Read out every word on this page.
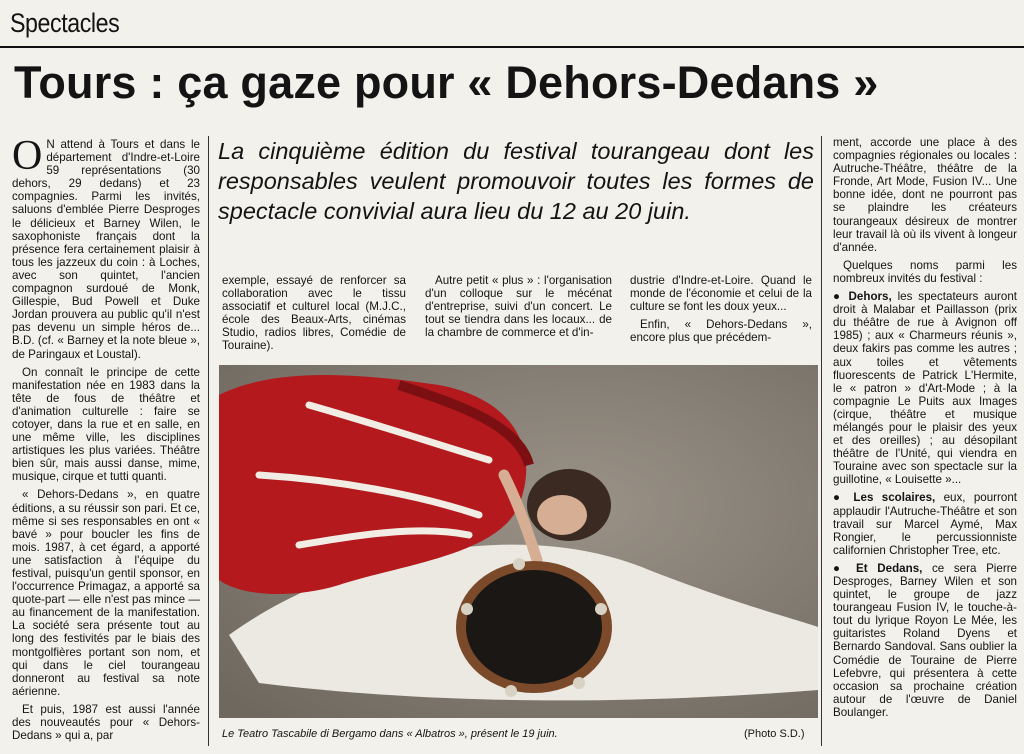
Spectacles
Tours : ça gaze pour « Dehors-Dedans »

O N attend à Tours et dans le département d'Indre-et-Loire 59 représentations (30 dehors, 29 dedans) et 23 compagnies. Parmi les invités, saluons d'emblée Pierre Desproges le délicieux et Barney Wilen, le saxophoniste français dont la présence fera certainement plaisir à tous les jazzeux du coin : à Loches, avec son quintet, l'ancien compagnon surdoué de Monk, Gillespie, Bud Powell et Duke Jordan prouvera au public qu'il n'est pas devenu un simple héros de... B.D. (cf. « Barney et la note bleue », de Paringaux et Loustal).

On connaît le principe de cette manifestation née en 1983 dans la tête de fous de théâtre et d'animation culturelle : faire se cotoyer, dans la rue et en salle, en une même ville, les disciplines artistiques les plus variées. Théâtre bien sûr, mais aussi danse, mime, musique, cirque et tutti quanti.

« Dehors-Dedans », en quatre éditions, a su réussir son pari. Et ce, même si ses responsables en ont « bavé » pour boucler les fins de mois. 1987, à cet égard, a apporté une satisfaction à l'équipe du festival, puisqu'un gentil sponsor, en l'occurrence Primagaz, a apporté sa quote-part — elle n'est pas mince — au financement de la manifestation. La société sera présente tout au long des festivités par le biais des montgolfières portant son nom, et qui dans le ciel tourangeau donneront au festival sa note aérienne.

Et puis, 1987 est aussi l'année des nouveautés pour « Dehors-Dedans » qui a, par

La cinquième édition du festival tourangeau dont les responsables veulent promouvoir toutes les formes de spectacle convivial aura lieu du 12 au 20 juin.

exemple, essayé de renforcer sa collaboration avec le tissu associatif et culturel local (M.J.C., école des Beaux-Arts, cinémas Studio, radios libres, Comédie de Touraine).

Autre petit « plus » : l'organisation d'un colloque sur le mécénat d'entreprise, suivi d'un concert. Le tout se tiendra dans les locaux... de la chambre de commerce et d'in-

dustrie d'Indre-et-Loire. Quand le monde de l'économie et celui de la culture se font les doux yeux...

Enfin, « Dehors-Dedans », encore plus que précédem-

ment, accorde une place à des compagnies régionales ou locales : Autruche-Théâtre, théâtre de la Fronde, Art Mode, Fusion IV... Une bonne idée, dont ne pourront pas se plaindre les créateurs tourangeaux désireux de montrer leur travail là où ils vivent à longeur d'année.

Quelques noms parmi les nombreux invités du festival :

● Dehors, les spectateurs auront droit à Malabar et Paillasson (prix du théâtre de rue à Avignon off 1985) ; aux « Charmeurs réunis », deux fakirs pas comme les autres ; aux toiles et vêtements fluorescents de Patrick L'Hermite, le « patron » d'Art-Mode ; à la compagnie Le Puits aux Images (cirque, théâtre et musique mélangés pour le plaisir des yeux et des oreilles) ; au désopilant théâtre de l'Unité, qui viendra en Touraine avec son spectacle sur la guillotine, « Louisette »...

● Les scolaires, eux, pourront applaudir l'Autruche-Théâtre et son travail sur Marcel Aymé, Max Rongier, le percussionniste californien Christopher Tree, etc.

● Et Dedans, ce sera Pierre Desproges, Barney Wilen et son quintet, le groupe de jazz tourangeau Fusion IV, le touche-à-tout du lyrique Royon Le Mée, les guitaristes Roland Dyens et Bernardo Sandoval. Sans oublier la Comédie de Touraine de Pierre Lefebvre, qui présentera à cette occasion sa prochaine création autour de l'œuvre de Daniel Boulanger.

Le Teatro Tascabile di Bergamo dans « Albatros », présent le 19 juin.	(Photo S.D.)
